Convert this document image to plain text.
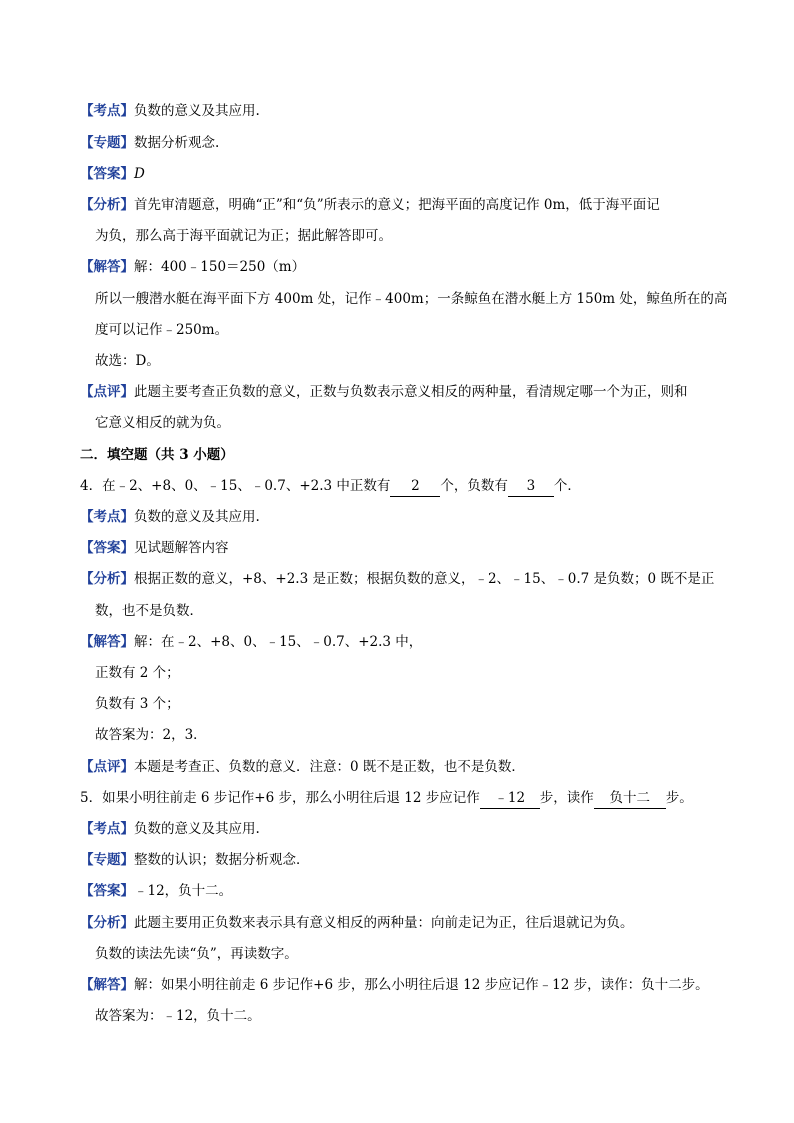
【考点】负数的意义及其应用.
【专题】数据分析观念.
【答案】D
【分析】首先审清题意，明确“正”和“负”所表示的意义；把海平面的高度记作 0m，低于海平面记
为负，那么高于海平面就记为正；据此解答即可。
【解答】解：400﹣150＝250（m）
所以一艘潜水艇在海平面下方 400m 处，记作﹣400m；一条鲸鱼在潜水艇上方 150m 处，鲸鱼所在的高
度可以记作﹣250m。
故选：D。
【点评】此题主要考查正负数的意义，正数与负数表示意义相反的两种量，看清规定哪一个为正，则和
它意义相反的就为负。
二．填空题（共 3 小题）
4．在﹣2、+8、0、﹣15、﹣0.7、+2.3 中正数有 2 个，负数有 3 个．
【考点】负数的意义及其应用.
【答案】见试题解答内容
【分析】根据正数的意义，+8、+2.3 是正数；根据负数的意义，﹣2、﹣15、﹣0.7 是负数；0 既不是正
数，也不是负数．
【解答】解：在﹣2、+8、0、﹣15、﹣0.7、+2.3 中，
正数有 2 个；
负数有 3 个；
故答案为：2，3．
【点评】本题是考查正、负数的意义．注意：0 既不是正数，也不是负数．
5．如果小明往前走 6 步记作+6 步，那么小明往后退 12 步应记作 ﹣12 步，读作 负十二 步。
【考点】负数的意义及其应用.
【专题】整数的认识；数据分析观念．
【答案】﹣12，负十二。
【分析】此题主要用正负数来表示具有意义相反的两种量：向前走记为正，往后退就记为负。
负数的读法先读“负”，再读数字。
【解答】解：如果小明往前走 6 步记作+6 步，那么小明往后退 12 步应记作﹣12 步，读作：负十二步。
故答案为：﹣12，负十二。
